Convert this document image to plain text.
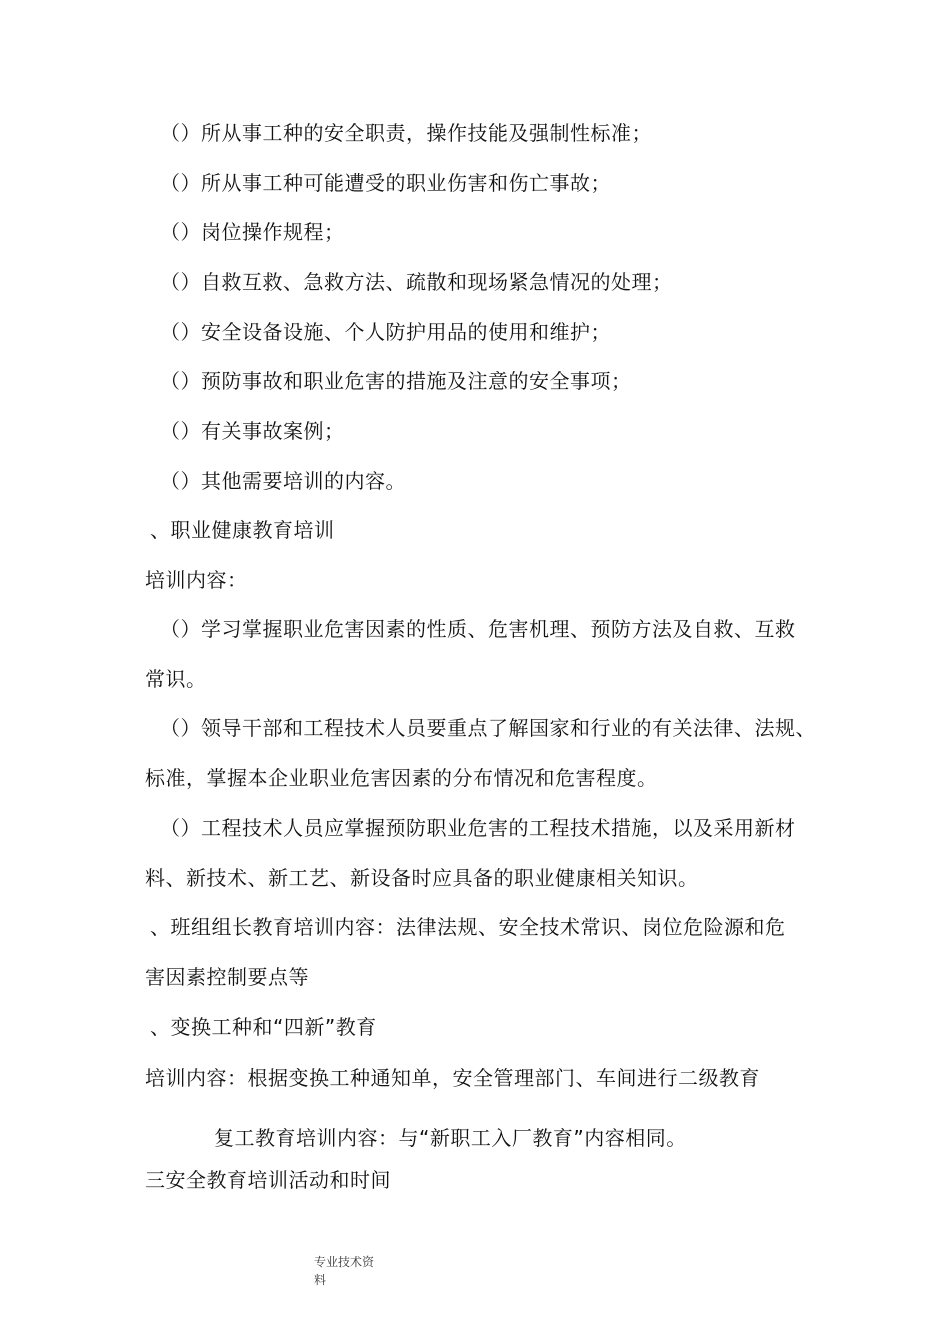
（）所从事工种的安全职责，操作技能及强制性标准；
（）所从事工种可能遭受的职业伤害和伤亡事故；
（）岗位操作规程；
（）自救互救、急救方法、疏散和现场紧急情况的处理；
（）安全设备设施、个人防护用品的使用和维护；
（）预防事故和职业危害的措施及注意的安全事项；
（）有关事故案例；
（）其他需要培训的内容。
、职业健康教育培训
培训内容：
（）学习掌握职业危害因素的性质、危害机理、预防方法及自救、互救
常识。
（）领导干部和工程技术人员要重点了解国家和行业的有关法律、法规、
标准，掌握本企业职业危害因素的分布情况和危害程度。
（）工程技术人员应掌握预防职业危害的工程技术措施，以及采用新材
料、新技术、新工艺、新设备时应具备的职业健康相关知识。
、班组组长教育培训内容：法律法规、安全技术常识、岗位危险源和危
害因素控制要点等
、变换工种和“四新”教育
培训内容：根据变换工种通知单，安全管理部门、车间进行二级教育
复工教育培训内容：与“新职工入厂教育”内容相同。
三安全教育培训活动和时间
专业技术资
料
